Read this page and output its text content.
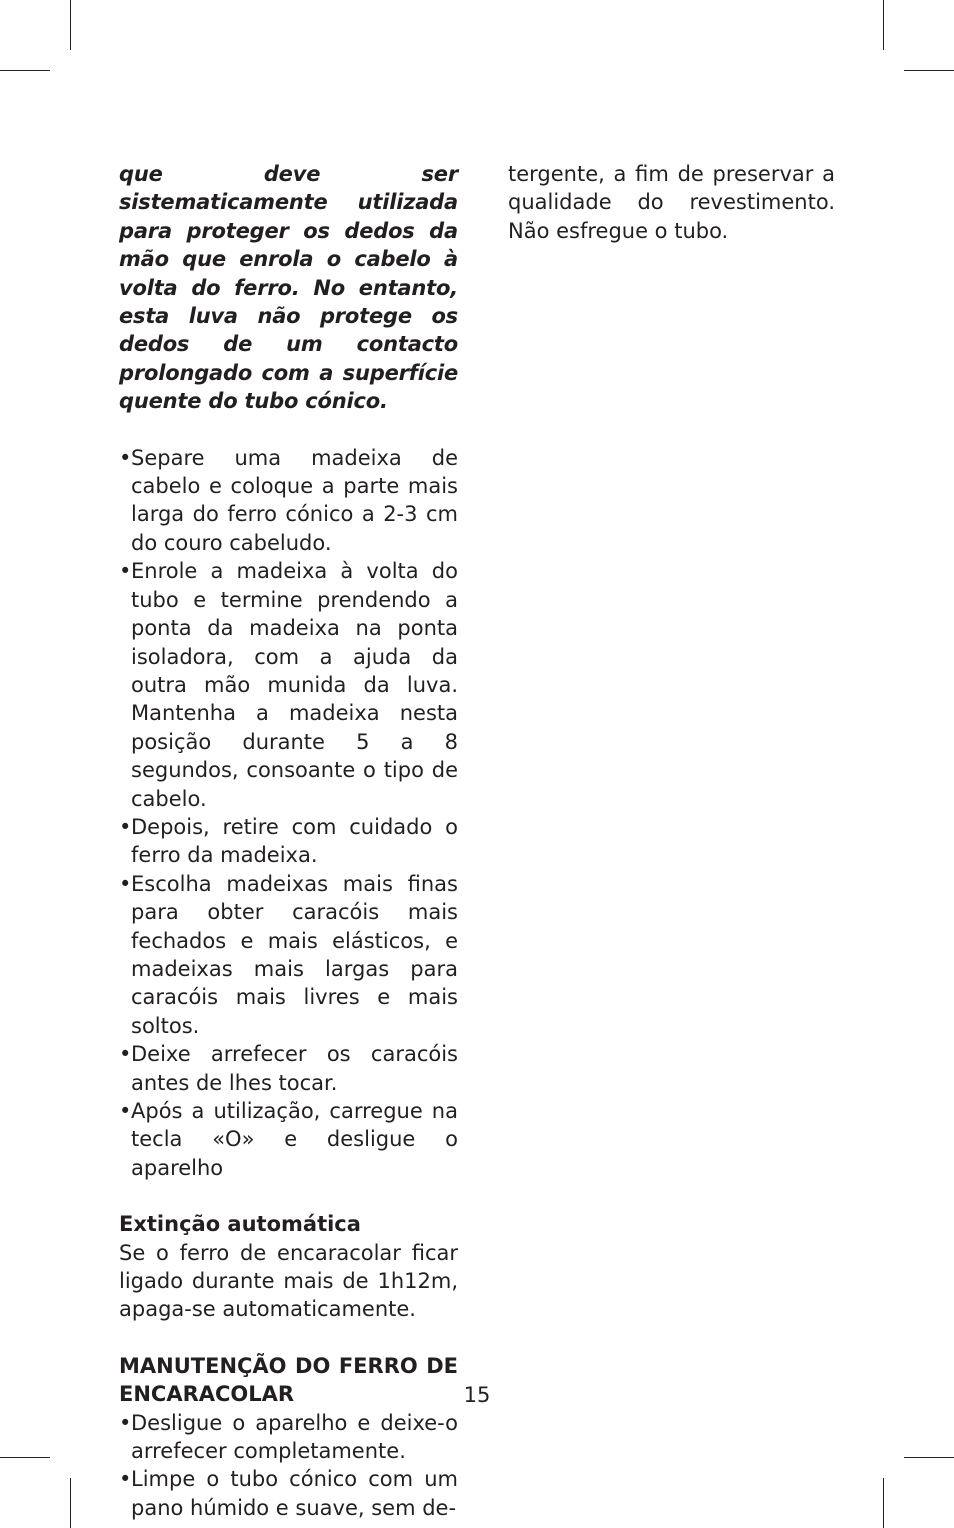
que deve ser sistematicamente utilizada para proteger os dedos da mão que enrola o cabelo à volta do ferro. No entanto, esta luva não protege os dedos de um contacto prolongado com a superfície quente do tubo cónico.

• Separe uma madeixa de cabelo e coloque a parte mais larga do ferro cónico a 2-3 cm do couro cabeludo.
• Enrole a madeixa à volta do tubo e termine prendendo a ponta da madeixa na ponta isoladora, com a ajuda da outra mão munida da luva. Mantenha a madeixa nesta posição durante 5 a 8 segundos, consoante o tipo de cabelo.
• Depois, retire com cuidado o ferro da madeixa.
• Escolha madeixas mais finas para obter caracóis mais fechados e mais elásticos, e madeixas mais largas para caracóis mais livres e mais soltos.
• Deixe arrefecer os caracóis antes de lhes tocar.
• Após a utilização, carregue na tecla «O» e desligue o aparelho

Extinção automática

Se o ferro de encaracolar ficar ligado durante mais de 1h12m, apaga-se automaticamente.

MANUTENÇÃO DO FERRO DE ENCARACOLAR

• Desligue o aparelho e deixe-o arrefecer completamente.
• Limpe o tubo cónico com um pano húmido e suave, sem de-

tergente, a fim de preservar a qualidade do revestimento. Não esfregue o tubo.

15
